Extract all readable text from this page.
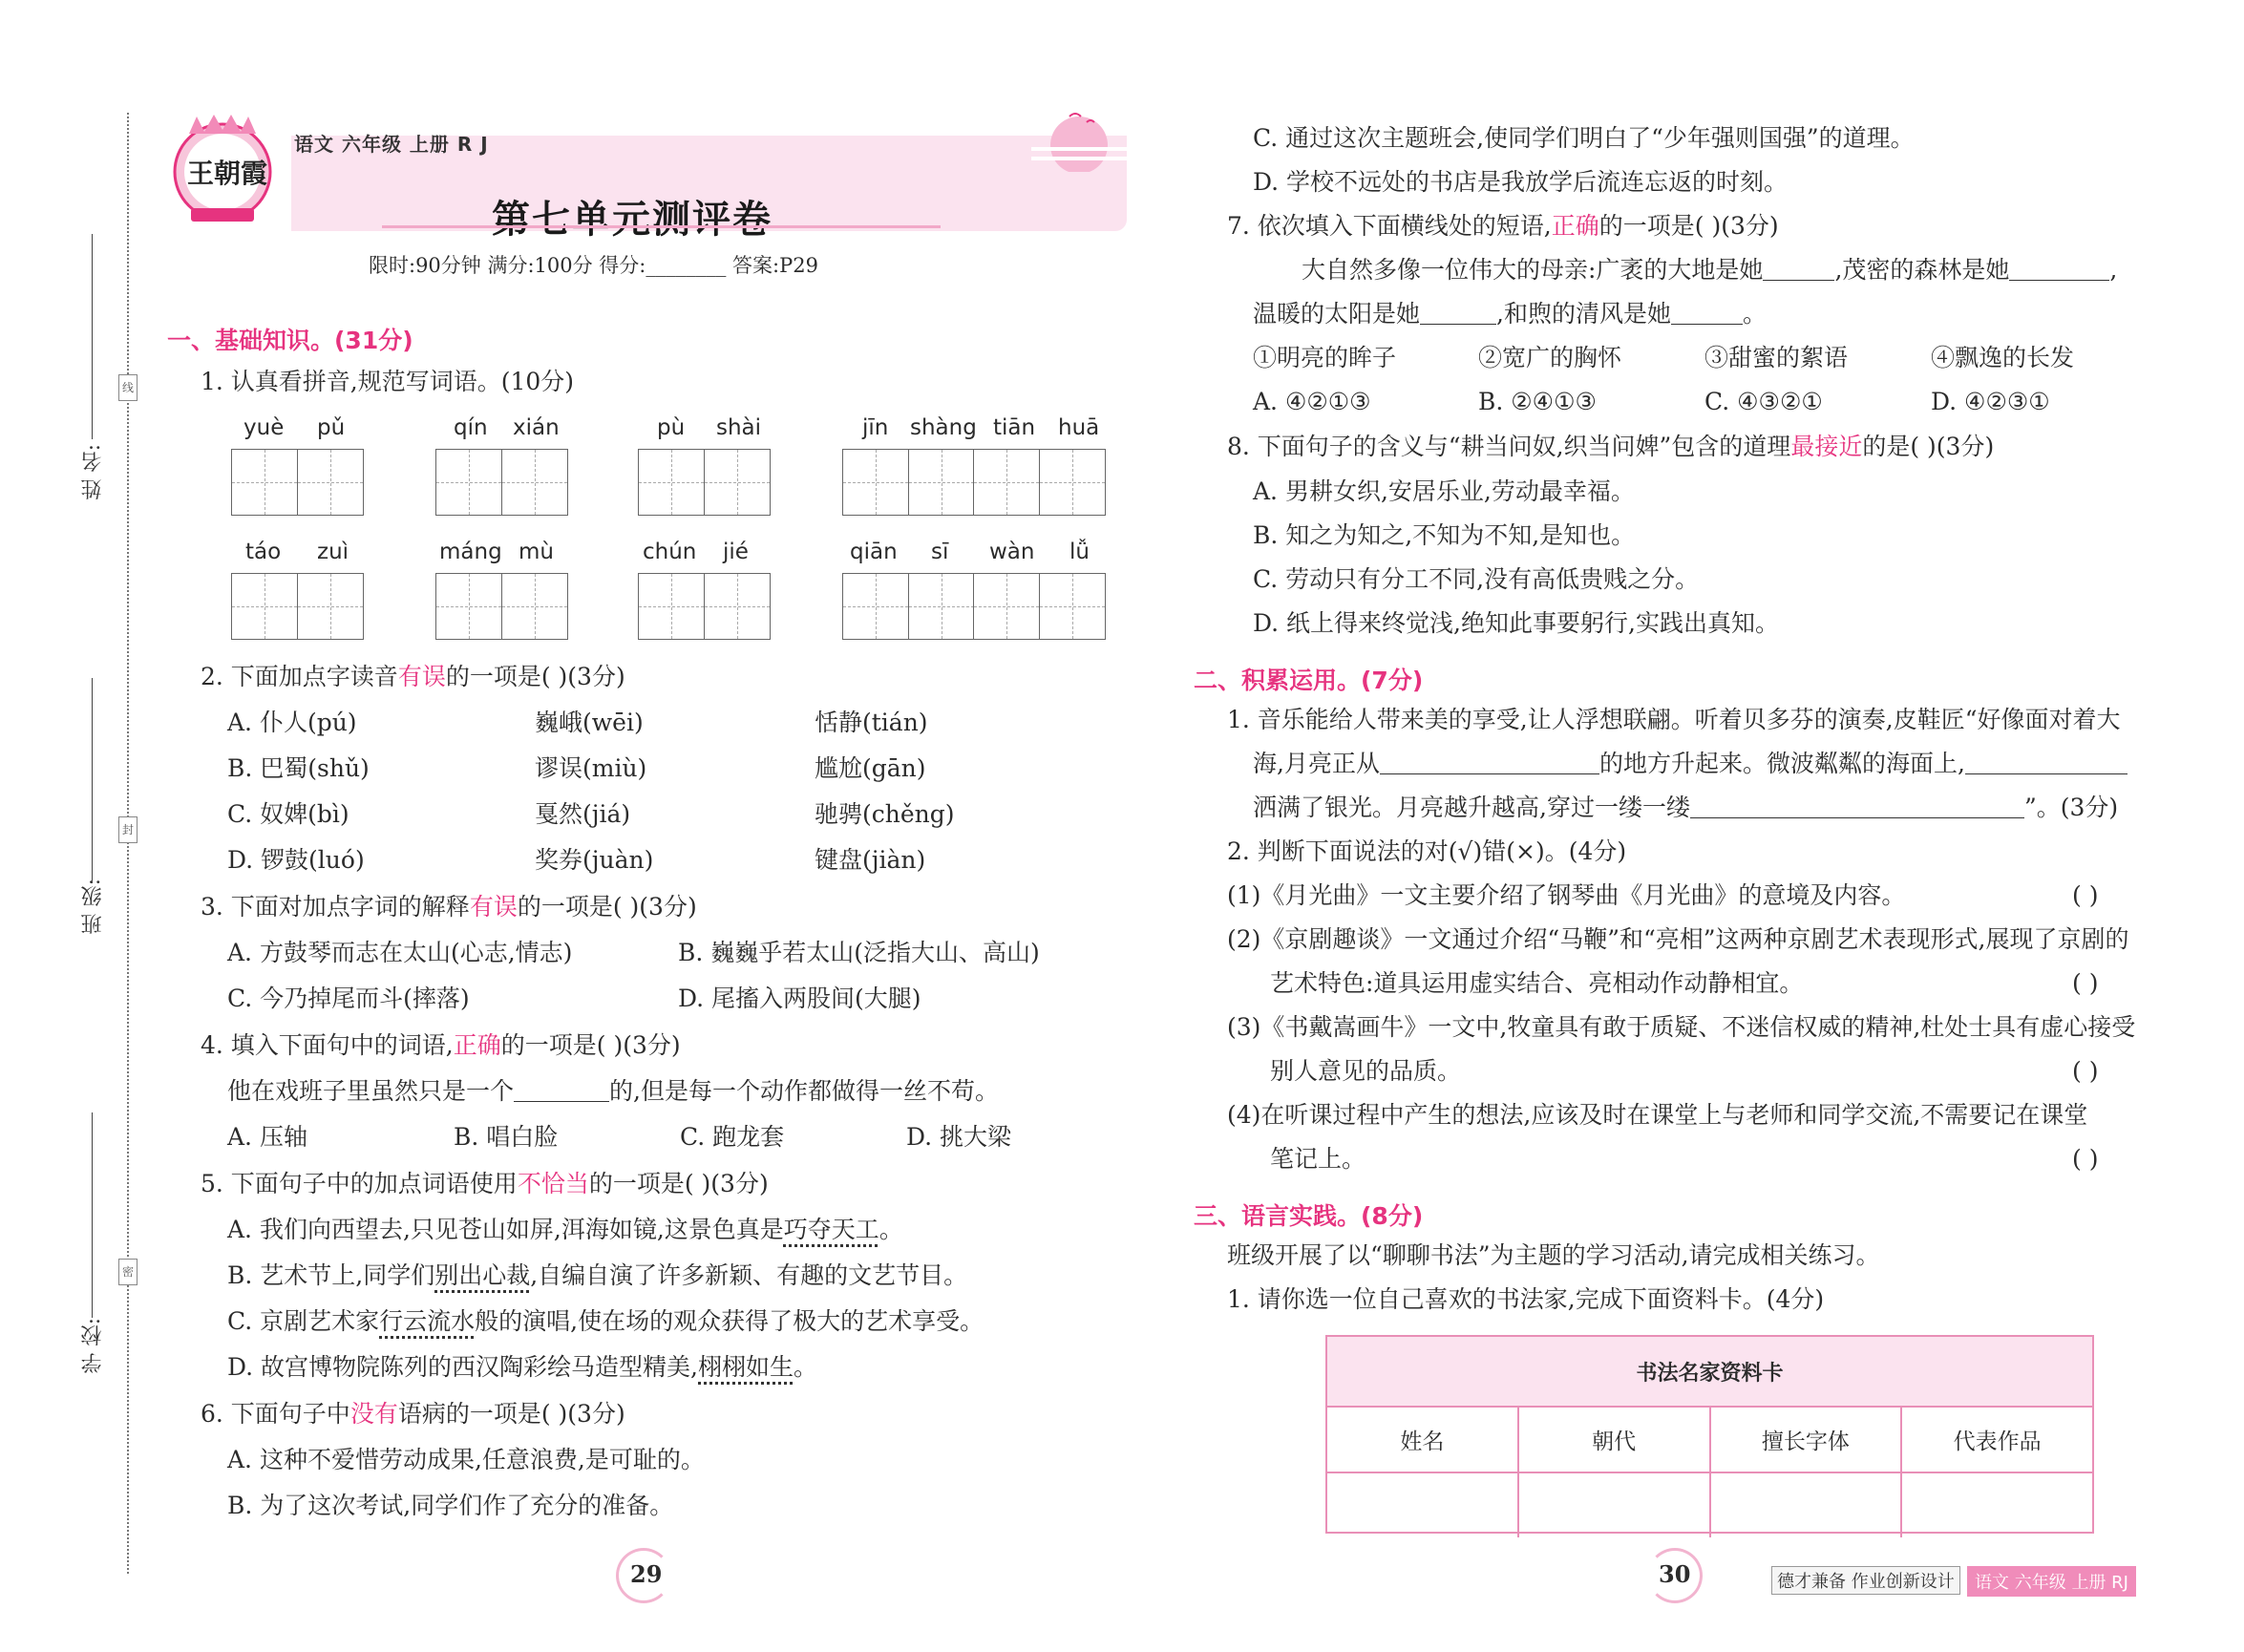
线
封
密
姓 名:
班 级:
学 校:
王朝霞
语文 六年级 上册 R J
第七单元测评卷
限时:90分钟 满分:100分 得分:________ 答案:P29
一、基础知识。(31分)
1. 认真看拼音,规范写词语。(10分)
yuè pǔ	qín xián	pù shài	jīn shàng tiān huā
táo zuì	máng mù	chún jié	qiān sī wàn lǚ
2. 下面加点字读音有误的一项是( )(3分)
A. 仆人(pú)	巍峨(wēi)	恬静(tián)
B. 巴蜀(shǔ)	谬误(miù)	尴尬(gān)
C. 奴婢(bì)	戛然(jiá)	驰骋(chěng)
D. 锣鼓(luó)	奖券(juàn)	键盘(jiàn)
3. 下面对加点字词的解释有误的一项是( )(3分)
A. 方鼓琴而志在太山(心志,情志)	B. 巍巍乎若太山(泛指大山、高山)
C. 今乃掉尾而斗(摔落)	D. 尾搐入两股间(大腿)
4. 填入下面句中的词语,正确的一项是( )(3分)
他在戏班子里虽然只是一个	的,但是每一个动作都做得一丝不苟。
A. 压轴	B. 唱白脸	C. 跑龙套	D. 挑大梁
5. 下面句子中的加点词语使用不恰当的一项是( )(3分)
A. 我们向西望去,只见苍山如屏,洱海如镜,这景色真是巧夺天工。
B. 艺术节上,同学们别出心裁,自编自演了许多新颖、有趣的文艺节目。
C. 京剧艺术家行云流水般的演唱,使在场的观众获得了极大的艺术享受。
D. 故宫博物院陈列的西汉陶彩绘马造型精美,栩栩如生。
6. 下面句子中没有语病的一项是( )(3分)
A. 这种不爱惜劳动成果,任意浪费,是可耻的。
B. 为了这次考试,同学们作了充分的准备。
29
C. 通过这次主题班会,使同学们明白了“少年强则国强”的道理。
D. 学校不远处的书店是我放学后流连忘返的时刻。
7. 依次填入下面横线处的短语,正确的一项是( )(3分)
大自然多像一位伟大的母亲:广袤的大地是她	,茂密的森林是她	,
温暖的太阳是她	,和煦的清风是她	。
①明亮的眸子	②宽广的胸怀	③甜蜜的絮语	④飘逸的长发
A. ④②①③	B. ②④①③	C. ④③②①	D. ④②③①
8. 下面句子的含义与“耕当问奴,织当问婢”包含的道理最接近的是( )(3分)
A. 男耕女织,安居乐业,劳动最幸福。
B. 知之为知之,不知为不知,是知也。
C. 劳动只有分工不同,没有高低贵贱之分。
D. 纸上得来终觉浅,绝知此事要躬行,实践出真知。
二、积累运用。(7分)
1. 音乐能给人带来美的享受,让人浮想联翩。听着贝多芬的演奏,皮鞋匠“好像面对着大
海,月亮正从	的地方升起来。微波粼粼的海面上,
洒满了银光。月亮越升越高,穿过一缕一缕	”。(3分)
2. 判断下面说法的对(√)错(×)。(4分)
(1)《月光曲》一文主要介绍了钢琴曲《月光曲》的意境及内容。	( )
(2)《京剧趣谈》一文通过介绍“马鞭”和“亮相”这两种京剧艺术表现形式,展现了京剧的
艺术特色:道具运用虚实结合、亮相动作动静相宜。	( )
(3)《书戴嵩画牛》一文中,牧童具有敢于质疑、不迷信权威的精神,杜处士具有虚心接受
别人意见的品质。	( )
(4)在听课过程中产生的想法,应该及时在课堂上与老师和同学交流,不需要记在课堂
笔记上。	( )
三、语言实践。(8分)
班级开展了以“聊聊书法”为主题的学习活动,请完成相关练习。
1. 请你选一位自己喜欢的书法家,完成下面资料卡。(4分)
书法名家资料卡
姓名	朝代	擅长字体	代表作品
30	德才兼备 作业创新设计	语文 六年级 上册 RJ
